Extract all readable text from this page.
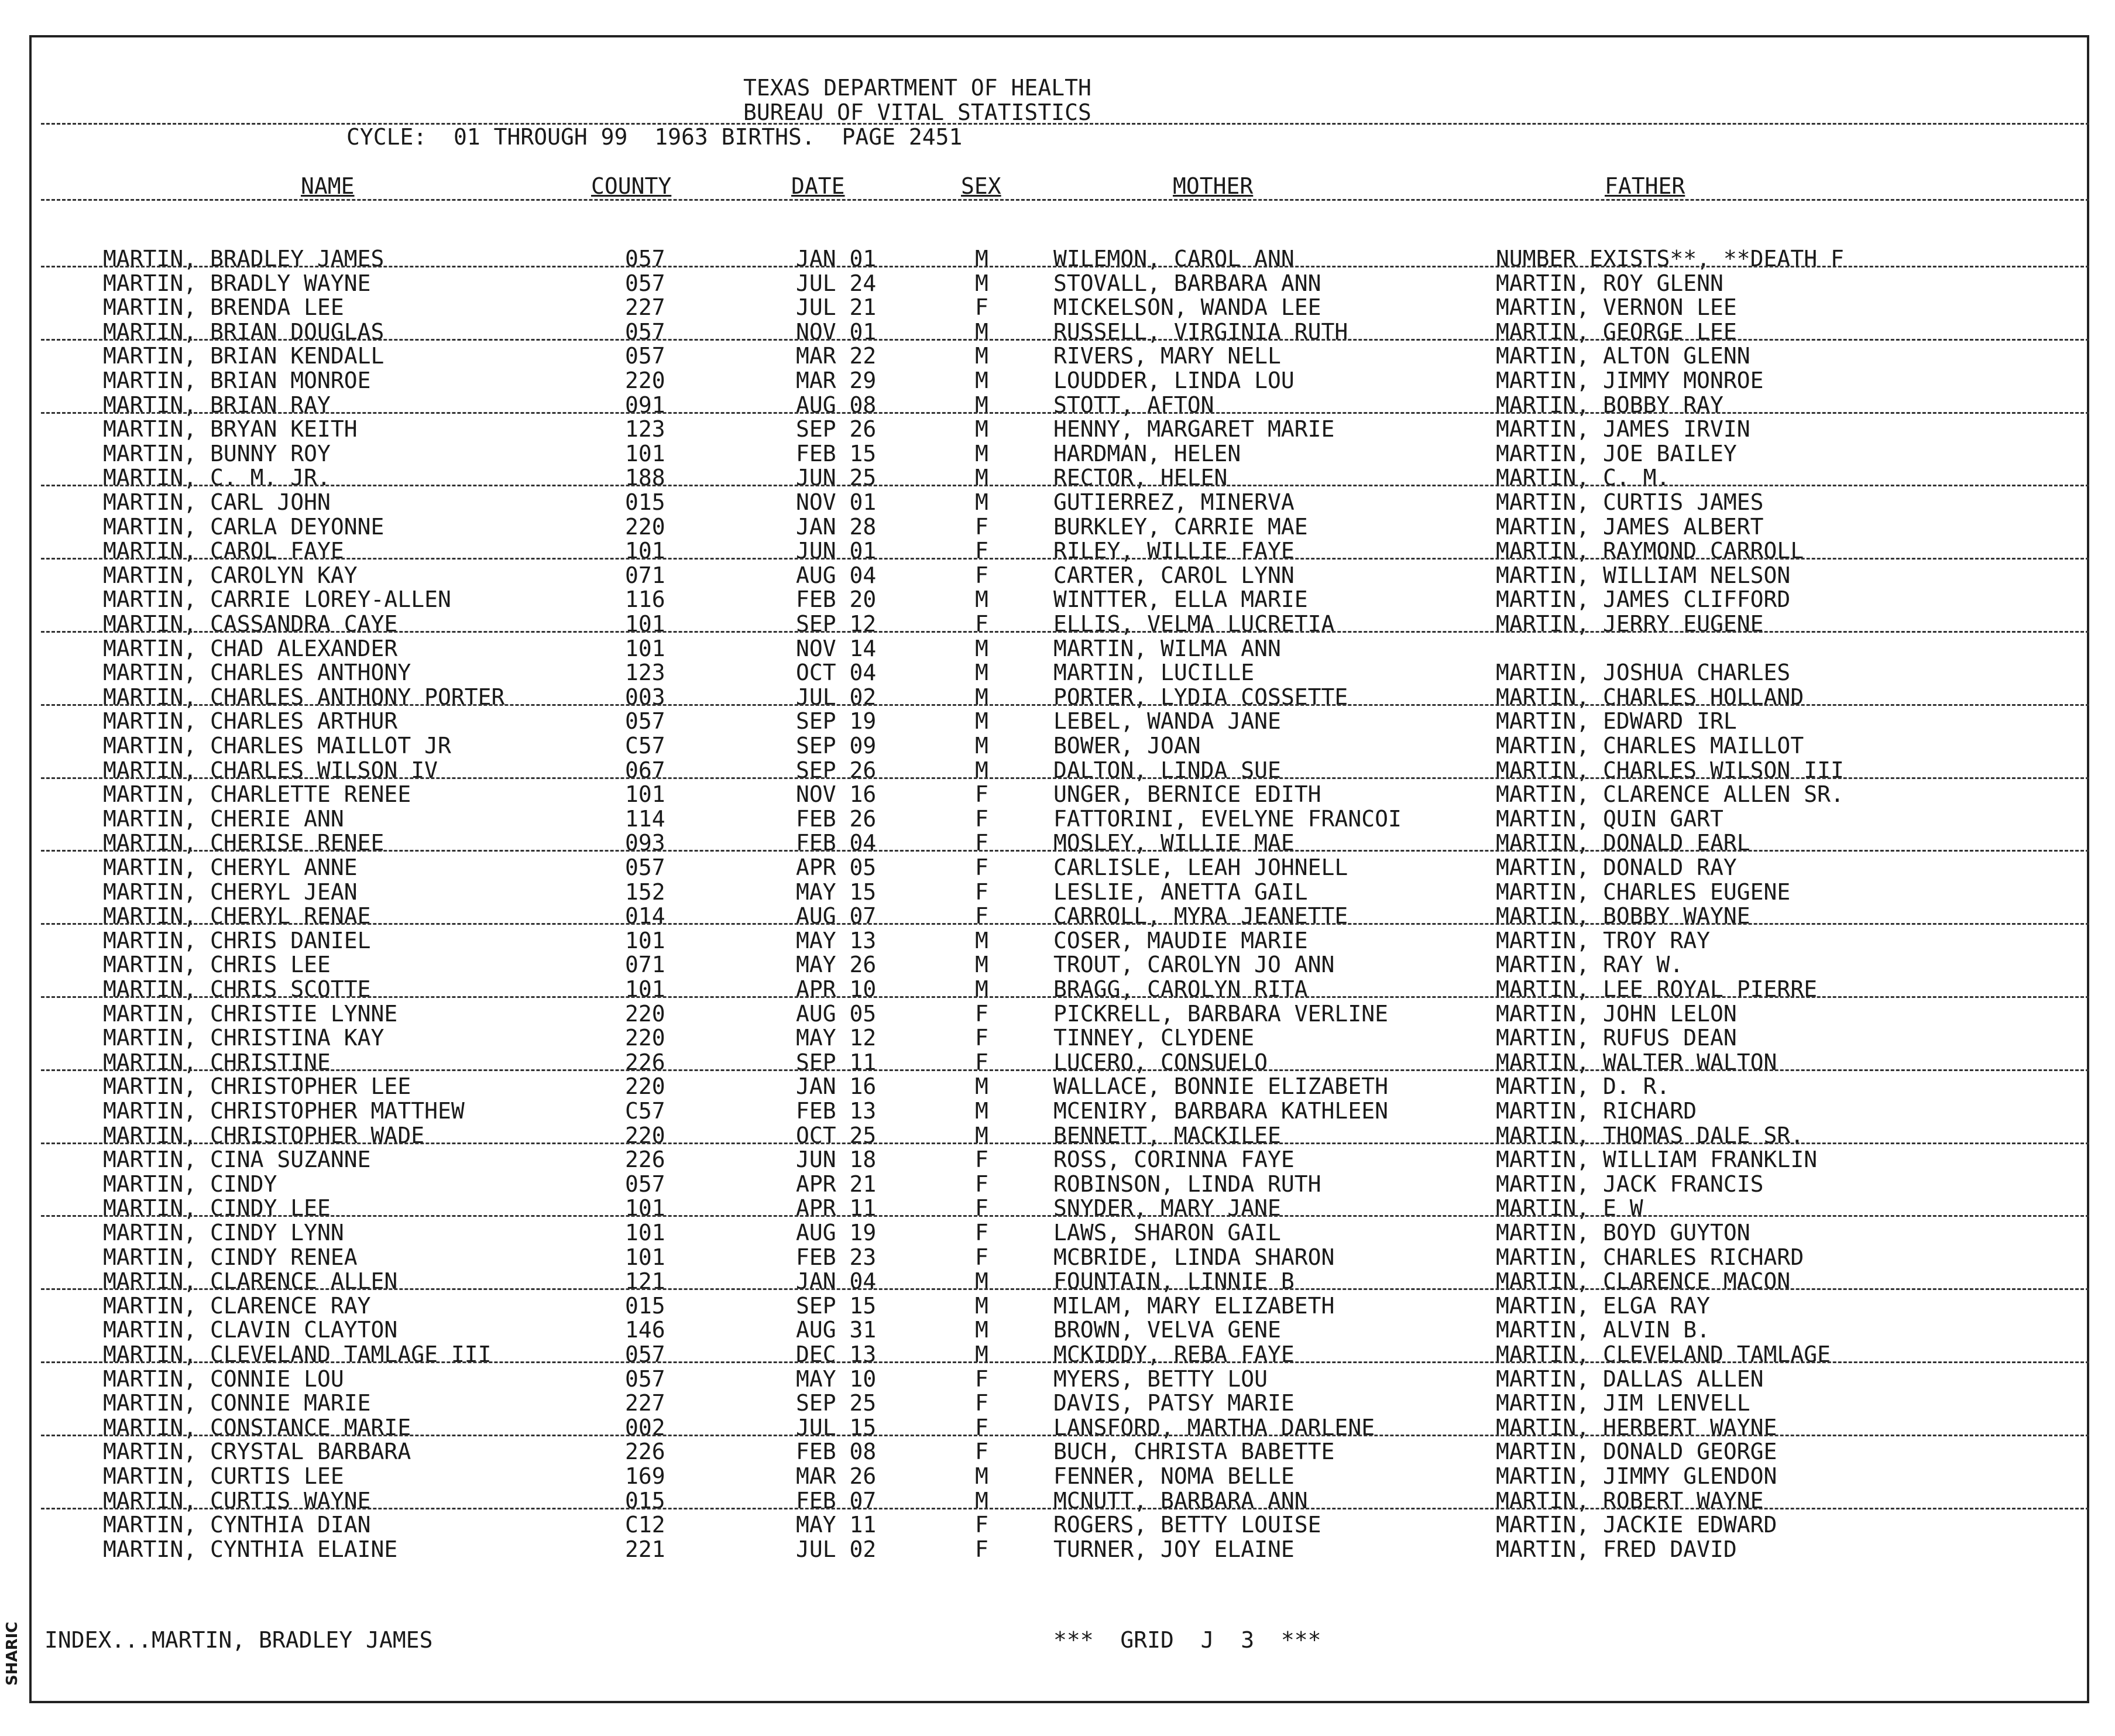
SHARIC
TEXAS DEPARTMENT OF HEALTH
BUREAU OF VITAL STATISTICS
CYCLE:  01 THROUGH 99  1963 BIRTHS.  PAGE 2451
NAME	COUNTY	DATE	SEX	MOTHER	FATHER
MARTIN, BRADLEY JAMES	057	JAN 01	M	WILEMON, CAROL ANN	NUMBER EXISTS**, **DEATH F
MARTIN, BRADLY WAYNE	057	JUL 24	M	STOVALL, BARBARA ANN	MARTIN, ROY GLENN
MARTIN, BRENDA LEE	227	JUL 21	F	MICKELSON, WANDA LEE	MARTIN, VERNON LEE
MARTIN, BRIAN DOUGLAS	057	NOV 01	M	RUSSELL, VIRGINIA RUTH	MARTIN, GEORGE LEE
MARTIN, BRIAN KENDALL	057	MAR 22	M	RIVERS, MARY NELL	MARTIN, ALTON GLENN
MARTIN, BRIAN MONROE	220	MAR 29	M	LOUDDER, LINDA LOU	MARTIN, JIMMY MONROE
MARTIN, BRIAN RAY	091	AUG 08	M	STOTT, AFTON	MARTIN, BOBBY RAY
MARTIN, BRYAN KEITH	123	SEP 26	M	HENNY, MARGARET MARIE	MARTIN, JAMES IRVIN
MARTIN, BUNNY ROY	101	FEB 15	M	HARDMAN, HELEN	MARTIN, JOE BAILEY
MARTIN, C. M. JR.	188	JUN 25	M	RECTOR, HELEN	MARTIN, C. M.
MARTIN, CARL JOHN	015	NOV 01	M	GUTIERREZ, MINERVA	MARTIN, CURTIS JAMES
MARTIN, CARLA DEYONNE	220	JAN 28	F	BURKLEY, CARRIE MAE	MARTIN, JAMES ALBERT
MARTIN, CAROL FAYE	101	JUN 01	F	RILEY, WILLIE FAYE	MARTIN, RAYMOND CARROLL
MARTIN, CAROLYN KAY	071	AUG 04	F	CARTER, CAROL LYNN	MARTIN, WILLIAM NELSON
MARTIN, CARRIE LOREY-ALLEN	116	FEB 20	M	WINTTER, ELLA MARIE	MARTIN, JAMES CLIFFORD
MARTIN, CASSANDRA CAYE	101	SEP 12	F	ELLIS, VELMA LUCRETIA	MARTIN, JERRY EUGENE
MARTIN, CHAD ALEXANDER	101	NOV 14	M	MARTIN, WILMA ANN
MARTIN, CHARLES ANTHONY	123	OCT 04	M	MARTIN, LUCILLE	MARTIN, JOSHUA CHARLES
MARTIN, CHARLES ANTHONY PORTER	003	JUL 02	M	PORTER, LYDIA COSSETTE	MARTIN, CHARLES HOLLAND
MARTIN, CHARLES ARTHUR	057	SEP 19	M	LEBEL, WANDA JANE	MARTIN, EDWARD IRL
MARTIN, CHARLES MAILLOT JR	C57	SEP 09	M	BOWER, JOAN	MARTIN, CHARLES MAILLOT
MARTIN, CHARLES WILSON IV	067	SEP 26	M	DALTON, LINDA SUE	MARTIN, CHARLES WILSON III
MARTIN, CHARLETTE RENEE	101	NOV 16	F	UNGER, BERNICE EDITH	MARTIN, CLARENCE ALLEN SR.
MARTIN, CHERIE ANN	114	FEB 26	F	FATTORINI, EVELYNE FRANCOI	MARTIN, QUIN GART
MARTIN, CHERISE RENEE	093	FEB 04	F	MOSLEY, WILLIE MAE	MARTIN, DONALD EARL
MARTIN, CHERYL ANNE	057	APR 05	F	CARLISLE, LEAH JOHNELL	MARTIN, DONALD RAY
MARTIN, CHERYL JEAN	152	MAY 15	F	LESLIE, ANETTA GAIL	MARTIN, CHARLES EUGENE
MARTIN, CHERYL RENAE	014	AUG 07	F	CARROLL, MYRA JEANETTE	MARTIN, BOBBY WAYNE
MARTIN, CHRIS DANIEL	101	MAY 13	M	COSER, MAUDIE MARIE	MARTIN, TROY RAY
MARTIN, CHRIS LEE	071	MAY 26	M	TROUT, CAROLYN JO ANN	MARTIN, RAY W.
MARTIN, CHRIS SCOTTE	101	APR 10	M	BRAGG, CAROLYN RITA	MARTIN, LEE ROYAL PIERRE
MARTIN, CHRISTIE LYNNE	220	AUG 05	F	PICKRELL, BARBARA VERLINE	MARTIN, JOHN LELON
MARTIN, CHRISTINA KAY	220	MAY 12	F	TINNEY, CLYDENE	MARTIN, RUFUS DEAN
MARTIN, CHRISTINE	226	SEP 11	F	LUCERO, CONSUELO	MARTIN, WALTER WALTON
MARTIN, CHRISTOPHER LEE	220	JAN 16	M	WALLACE, BONNIE ELIZABETH	MARTIN, D. R.
MARTIN, CHRISTOPHER MATTHEW	C57	FEB 13	M	MCENIRY, BARBARA KATHLEEN	MARTIN, RICHARD
MARTIN, CHRISTOPHER WADE	220	OCT 25	M	BENNETT, MACKILEE	MARTIN, THOMAS DALE SR.
MARTIN, CINA SUZANNE	226	JUN 18	F	ROSS, CORINNA FAYE	MARTIN, WILLIAM FRANKLIN
MARTIN, CINDY	057	APR 21	F	ROBINSON, LINDA RUTH	MARTIN, JACK FRANCIS
MARTIN, CINDY LEE	101	APR 11	F	SNYDER, MARY JANE	MARTIN, E W
MARTIN, CINDY LYNN	101	AUG 19	F	LAWS, SHARON GAIL	MARTIN, BOYD GUYTON
MARTIN, CINDY RENEA	101	FEB 23	F	MCBRIDE, LINDA SHARON	MARTIN, CHARLES RICHARD
MARTIN, CLARENCE ALLEN	121	JAN 04	M	FOUNTAIN, LINNIE B	MARTIN, CLARENCE MACON
MARTIN, CLARENCE RAY	015	SEP 15	M	MILAM, MARY ELIZABETH	MARTIN, ELGA RAY
MARTIN, CLAVIN CLAYTON	146	AUG 31	M	BROWN, VELVA GENE	MARTIN, ALVIN B.
MARTIN, CLEVELAND TAMLAGE III	057	DEC 13	M	MCKIDDY, REBA FAYE	MARTIN, CLEVELAND TAMLAGE
MARTIN, CONNIE LOU	057	MAY 10	F	MYERS, BETTY LOU	MARTIN, DALLAS ALLEN
MARTIN, CONNIE MARIE	227	SEP 25	F	DAVIS, PATSY MARIE	MARTIN, JIM LENVELL
MARTIN, CONSTANCE MARIE	002	JUL 15	F	LANSFORD, MARTHA DARLENE	MARTIN, HERBERT WAYNE
MARTIN, CRYSTAL BARBARA	226	FEB 08	F	BUCH, CHRISTA BABETTE	MARTIN, DONALD GEORGE
MARTIN, CURTIS LEE	169	MAR 26	M	FENNER, NOMA BELLE	MARTIN, JIMMY GLENDON
MARTIN, CURTIS WAYNE	015	FEB 07	M	MCNUTT, BARBARA ANN	MARTIN, ROBERT WAYNE
MARTIN, CYNTHIA DIAN	C12	MAY 11	F	ROGERS, BETTY LOUISE	MARTIN, JACKIE EDWARD
MARTIN, CYNTHIA ELAINE	221	JUL 02	F	TURNER, JOY ELAINE	MARTIN, FRED DAVID
INDEX...MARTIN, BRADLEY JAMES	***  GRID  J  3  ***
